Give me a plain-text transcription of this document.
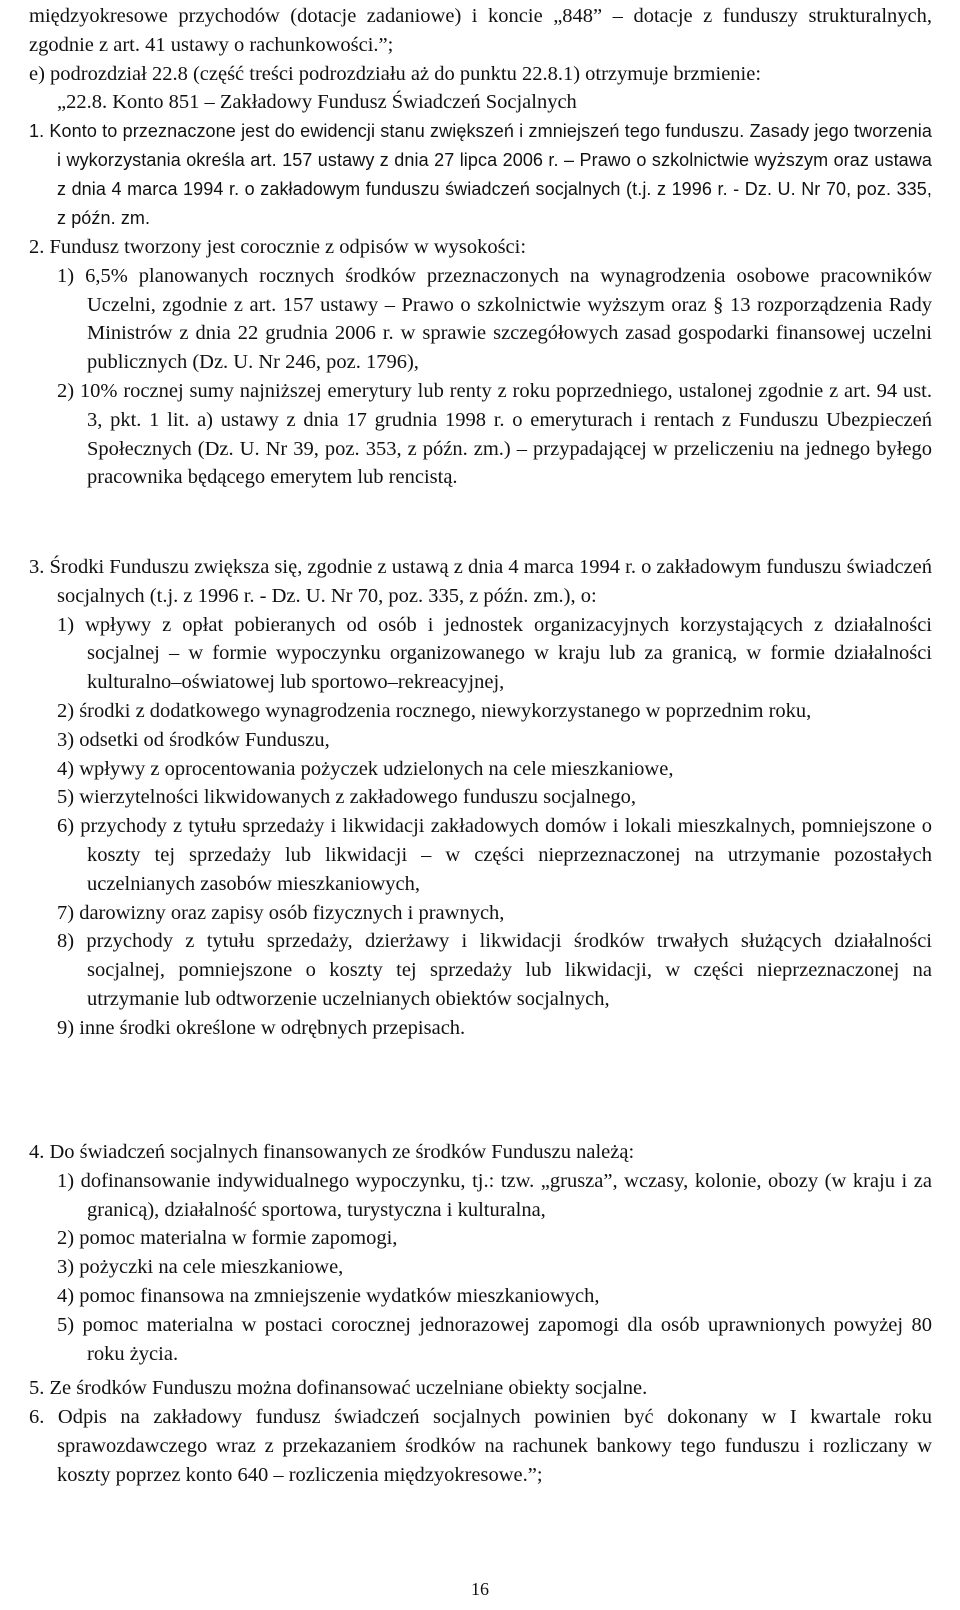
międzyokresowe przychodów (dotacje zadaniowe) i koncie „848” – dotacje z funduszy strukturalnych, zgodnie z art. 41 ustawy o rachunkowości.”;

e) podrozdział 22.8 (część treści podrozdziału aż do punktu 22.8.1) otrzymuje brzmienie:

„22.8. Konto 851 – Zakładowy Fundusz Świadczeń Socjalnych

1. Konto to przeznaczone jest do ewidencji stanu zwiększeń i zmniejszeń tego funduszu. Zasady jego tworzenia i wykorzystania określa art. 157 ustawy z dnia 27 lipca 2006 r. – Prawo o szkolnictwie wyższym oraz ustawa z dnia 4 marca 1994 r. o zakładowym funduszu świadczeń socjalnych (t.j. z 1996 r. - Dz. U. Nr 70, poz. 335, z późn. zm.

2. Fundusz tworzony jest corocznie z odpisów w wysokości:

1) 6,5% planowanych rocznych środków przeznaczonych na wynagrodzenia osobowe pracowników Uczelni, zgodnie z art. 157 ustawy – Prawo o szkolnictwie wyższym oraz § 13 rozporządzenia Rady Ministrów z dnia 22 grudnia 2006 r. w sprawie szczegółowych zasad gospodarki finansowej uczelni publicznych (Dz. U. Nr 246, poz. 1796),

2) 10% rocznej sumy najniższej emerytury lub renty z roku poprzedniego, ustalonej zgodnie z art. 94 ust. 3, pkt. 1 lit. a) ustawy z dnia 17 grudnia 1998 r. o emeryturach i rentach z Funduszu Ubezpieczeń Społecznych (Dz. U. Nr 39, poz. 353, z późn. zm.) – przypadającej w przeliczeniu na jednego byłego pracownika będącego emerytem lub rencistą.

3. Środki Funduszu zwiększa się, zgodnie z ustawą z dnia 4 marca 1994 r. o zakładowym funduszu świadczeń socjalnych (t.j. z 1996 r. - Dz. U. Nr 70, poz. 335, z późn. zm.), o:

1) wpływy z opłat pobieranych od osób i jednostek organizacyjnych korzystających z działalności socjalnej – w formie wypoczynku organizowanego w kraju lub za granicą, w formie działalności kulturalno–oświatowej lub sportowo–rekreacyjnej,

2) środki z dodatkowego wynagrodzenia rocznego, niewykorzystanego w poprzednim roku,

3) odsetki od środków Funduszu,

4) wpływy z oprocentowania pożyczek udzielonych na cele mieszkaniowe,

5) wierzytelności likwidowanych z zakładowego funduszu socjalnego,

6) przychody z tytułu sprzedaży i likwidacji zakładowych domów i lokali mieszkalnych, pomniejszone o koszty tej sprzedaży lub likwidacji – w części nieprzeznaczonej na utrzymanie pozostałych uczelnianych zasobów mieszkaniowych,

7) darowizny oraz zapisy osób fizycznych i prawnych,

8) przychody z tytułu sprzedaży, dzierżawy i likwidacji środków trwałych służących działalności socjalnej, pomniejszone o koszty tej sprzedaży lub likwidacji, w części nieprzeznaczonej na utrzymanie lub odtworzenie uczelnianych obiektów socjalnych,

9) inne środki określone w odrębnych przepisach.

4. Do świadczeń socjalnych finansowanych ze środków Funduszu należą:

1) dofinansowanie indywidualnego wypoczynku, tj.: tzw. „grusza”, wczasy, kolonie, obozy (w kraju i za granicą), działalność sportowa, turystyczna i kulturalna,

2) pomoc materialna w formie zapomogi,

3) pożyczki na cele mieszkaniowe,

4) pomoc finansowa na zmniejszenie wydatków mieszkaniowych,

5) pomoc materialna w postaci corocznej jednorazowej zapomogi dla osób uprawnionych powyżej 80 roku życia.

5. Ze środków Funduszu można dofinansować uczelniane obiekty socjalne.

6. Odpis na zakładowy fundusz świadczeń socjalnych powinien być dokonany w I kwartale roku sprawozdawczego wraz z przekazaniem środków na rachunek bankowy tego funduszu i rozliczany w koszty poprzez konto 640 – rozliczenia międzyokresowe.”;

16
